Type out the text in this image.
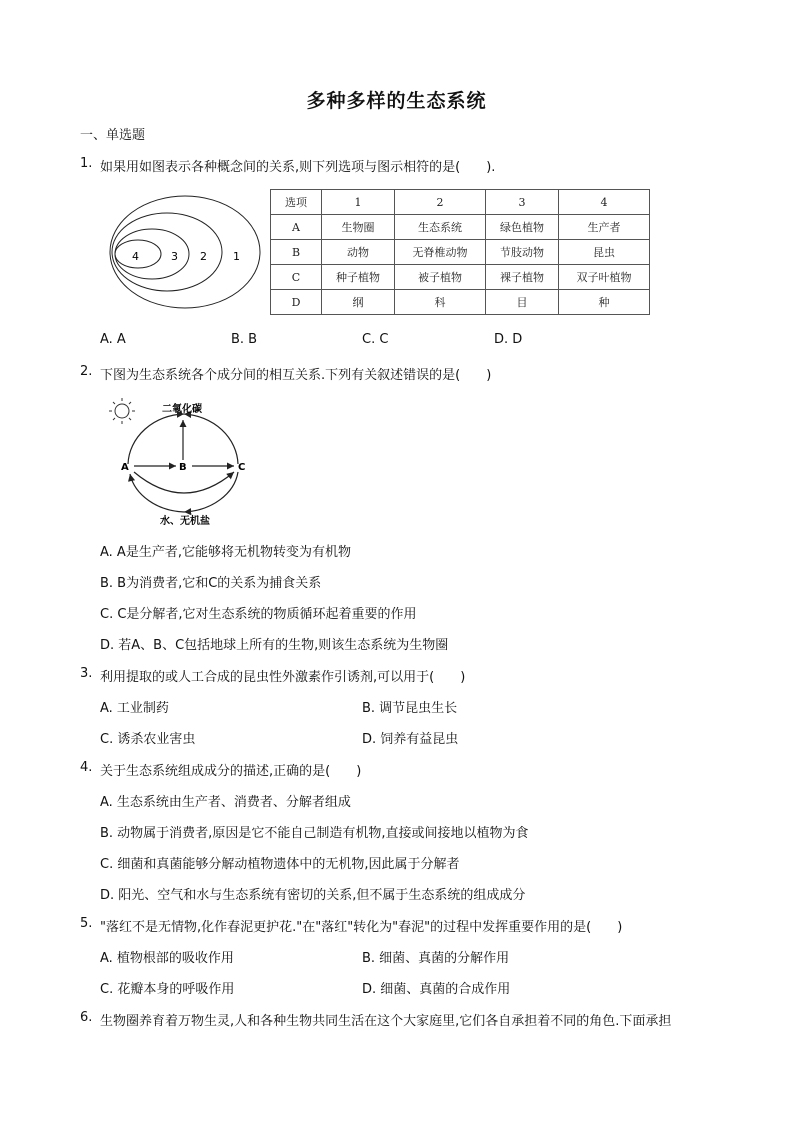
多种多样的生态系统
一、单选题
1. 如果用如图表示各种概念间的关系,则下列选项与图示相符的是(　　).
4	3 2 1
选项	1	2	3	4
A	生物圈	生态系统	绿色植物	生产者
B	动物	无脊椎动物	节肢动物	昆虫
C	种子植物	被子植物	裸子植物	双子叶植物
D	纲	科	目	种
A. A	B. B	C. C	D. D
2. 下图为生态系统各个成分间的相互关系.下列有关叙述错误的是(　　)
二氧化碳
A	B	C
水、无机盐
A. A是生产者,它能够将无机物转变为有机物
B. B为消费者,它和C的关系为捕食关系
C. C是分解者,它对生态系统的物质循环起着重要的作用
D. 若A、B、C包括地球上所有的生物,则该生态系统为生物圈
3. 利用提取的或人工合成的昆虫性外激素作引诱剂,可以用于(　　)
A. 工业制药	B. 调节昆虫生长
C. 诱杀农业害虫	D. 饲养有益昆虫
4. 关于生态系统组成成分的描述,正确的是(　　)
A. 生态系统由生产者、消费者、分解者组成
B. 动物属于消费者,原因是它不能自己制造有机物,直接或间接地以植物为食
C. 细菌和真菌能够分解动植物遗体中的无机物,因此属于分解者
D. 阳光、空气和水与生态系统有密切的关系,但不属于生态系统的组成成分
5. "落红不是无情物,化作春泥更护花."在"落红"转化为"春泥"的过程中发挥重要作用的是(　　)
A. 植物根部的吸收作用	B. 细菌、真菌的分解作用
C. 花瓣本身的呼吸作用	D. 细菌、真菌的合成作用
6. 生物圈养育着万物生灵,人和各种生物共同生活在这个大家庭里,它们各自承担着不同的角色.下面承担
